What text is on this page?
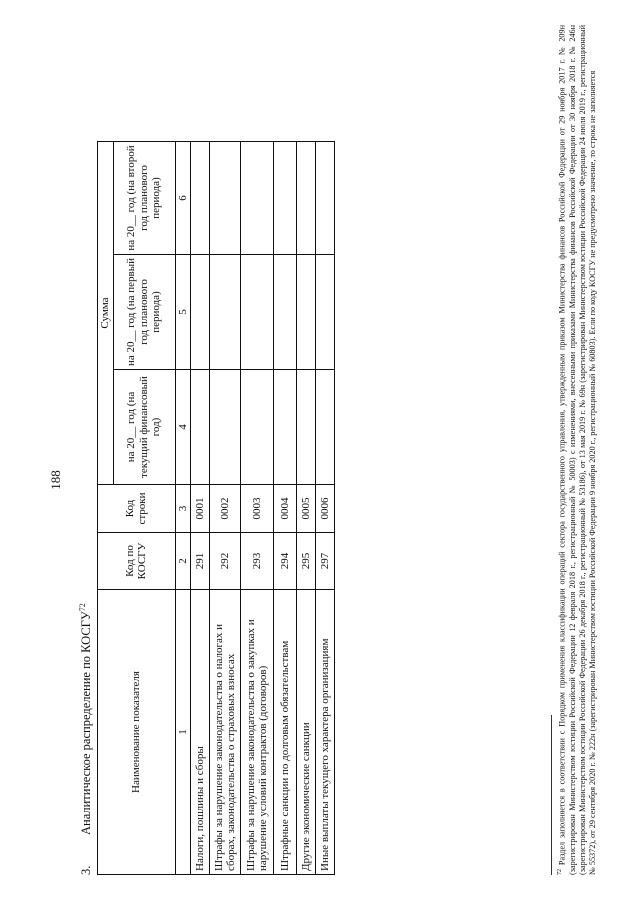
188
3.Аналитическое распределение по КОСГУ$^{72}$
Наименование показателя	Код по КОСГУ	Код строки	Сумма		
			на 20__ год (на текущий финансовый год)	на 20__ год (на первый год планового периода)	на 20__ год (на второй год планового периода)
1	2	3	4	5	6
Налоги, пошлины и сборы	291	0001			
Штрафы за нарушение законодательства о налогах и сборах, законодательства о страховых взносах	292	0002			
Штрафы за нарушение законодательства о закупках и нарушение условий контрактов (договоров)	293	0003			
Штрафные санкции по долговым обязательствам	294	0004			
Другие экономические санкции	295	0005			
Иные выплаты текущего характера организациям	297	0006			
$^{72}$ Раздел заполняется в соответствии с Порядком применения классификации операций сектора государственного управления, утвержденным приказом Министерства финансов Российской Федерации от 29 ноября 2017 г. № 209н (зарегистрирован Министерством юстиции Российской Федерации 12 февраля 2018 г., регистрационный № 50003) с изменениями, внесенными приказами Министерства финансов Российской Федерации от 30 ноября 2018 г. № 246н (зарегистрирован Министерством юстиции Российской Федерации 26 декабря 2018 г., регистрационный № 53186), от 13 мая 2019 г. № 69н (зарегистрирован Министерством юстиции Российской Федерации 24 июля 2019 г., регистрационный № 55372), от 29 сентября 2020 г. № 222н (зарегистрирован Министерством юстиции Российской Федерации 9 ноября 2020 г., регистрационный № 60803). Если по коду КОСГУ не предусмотрено значение, то строка не заполняется
